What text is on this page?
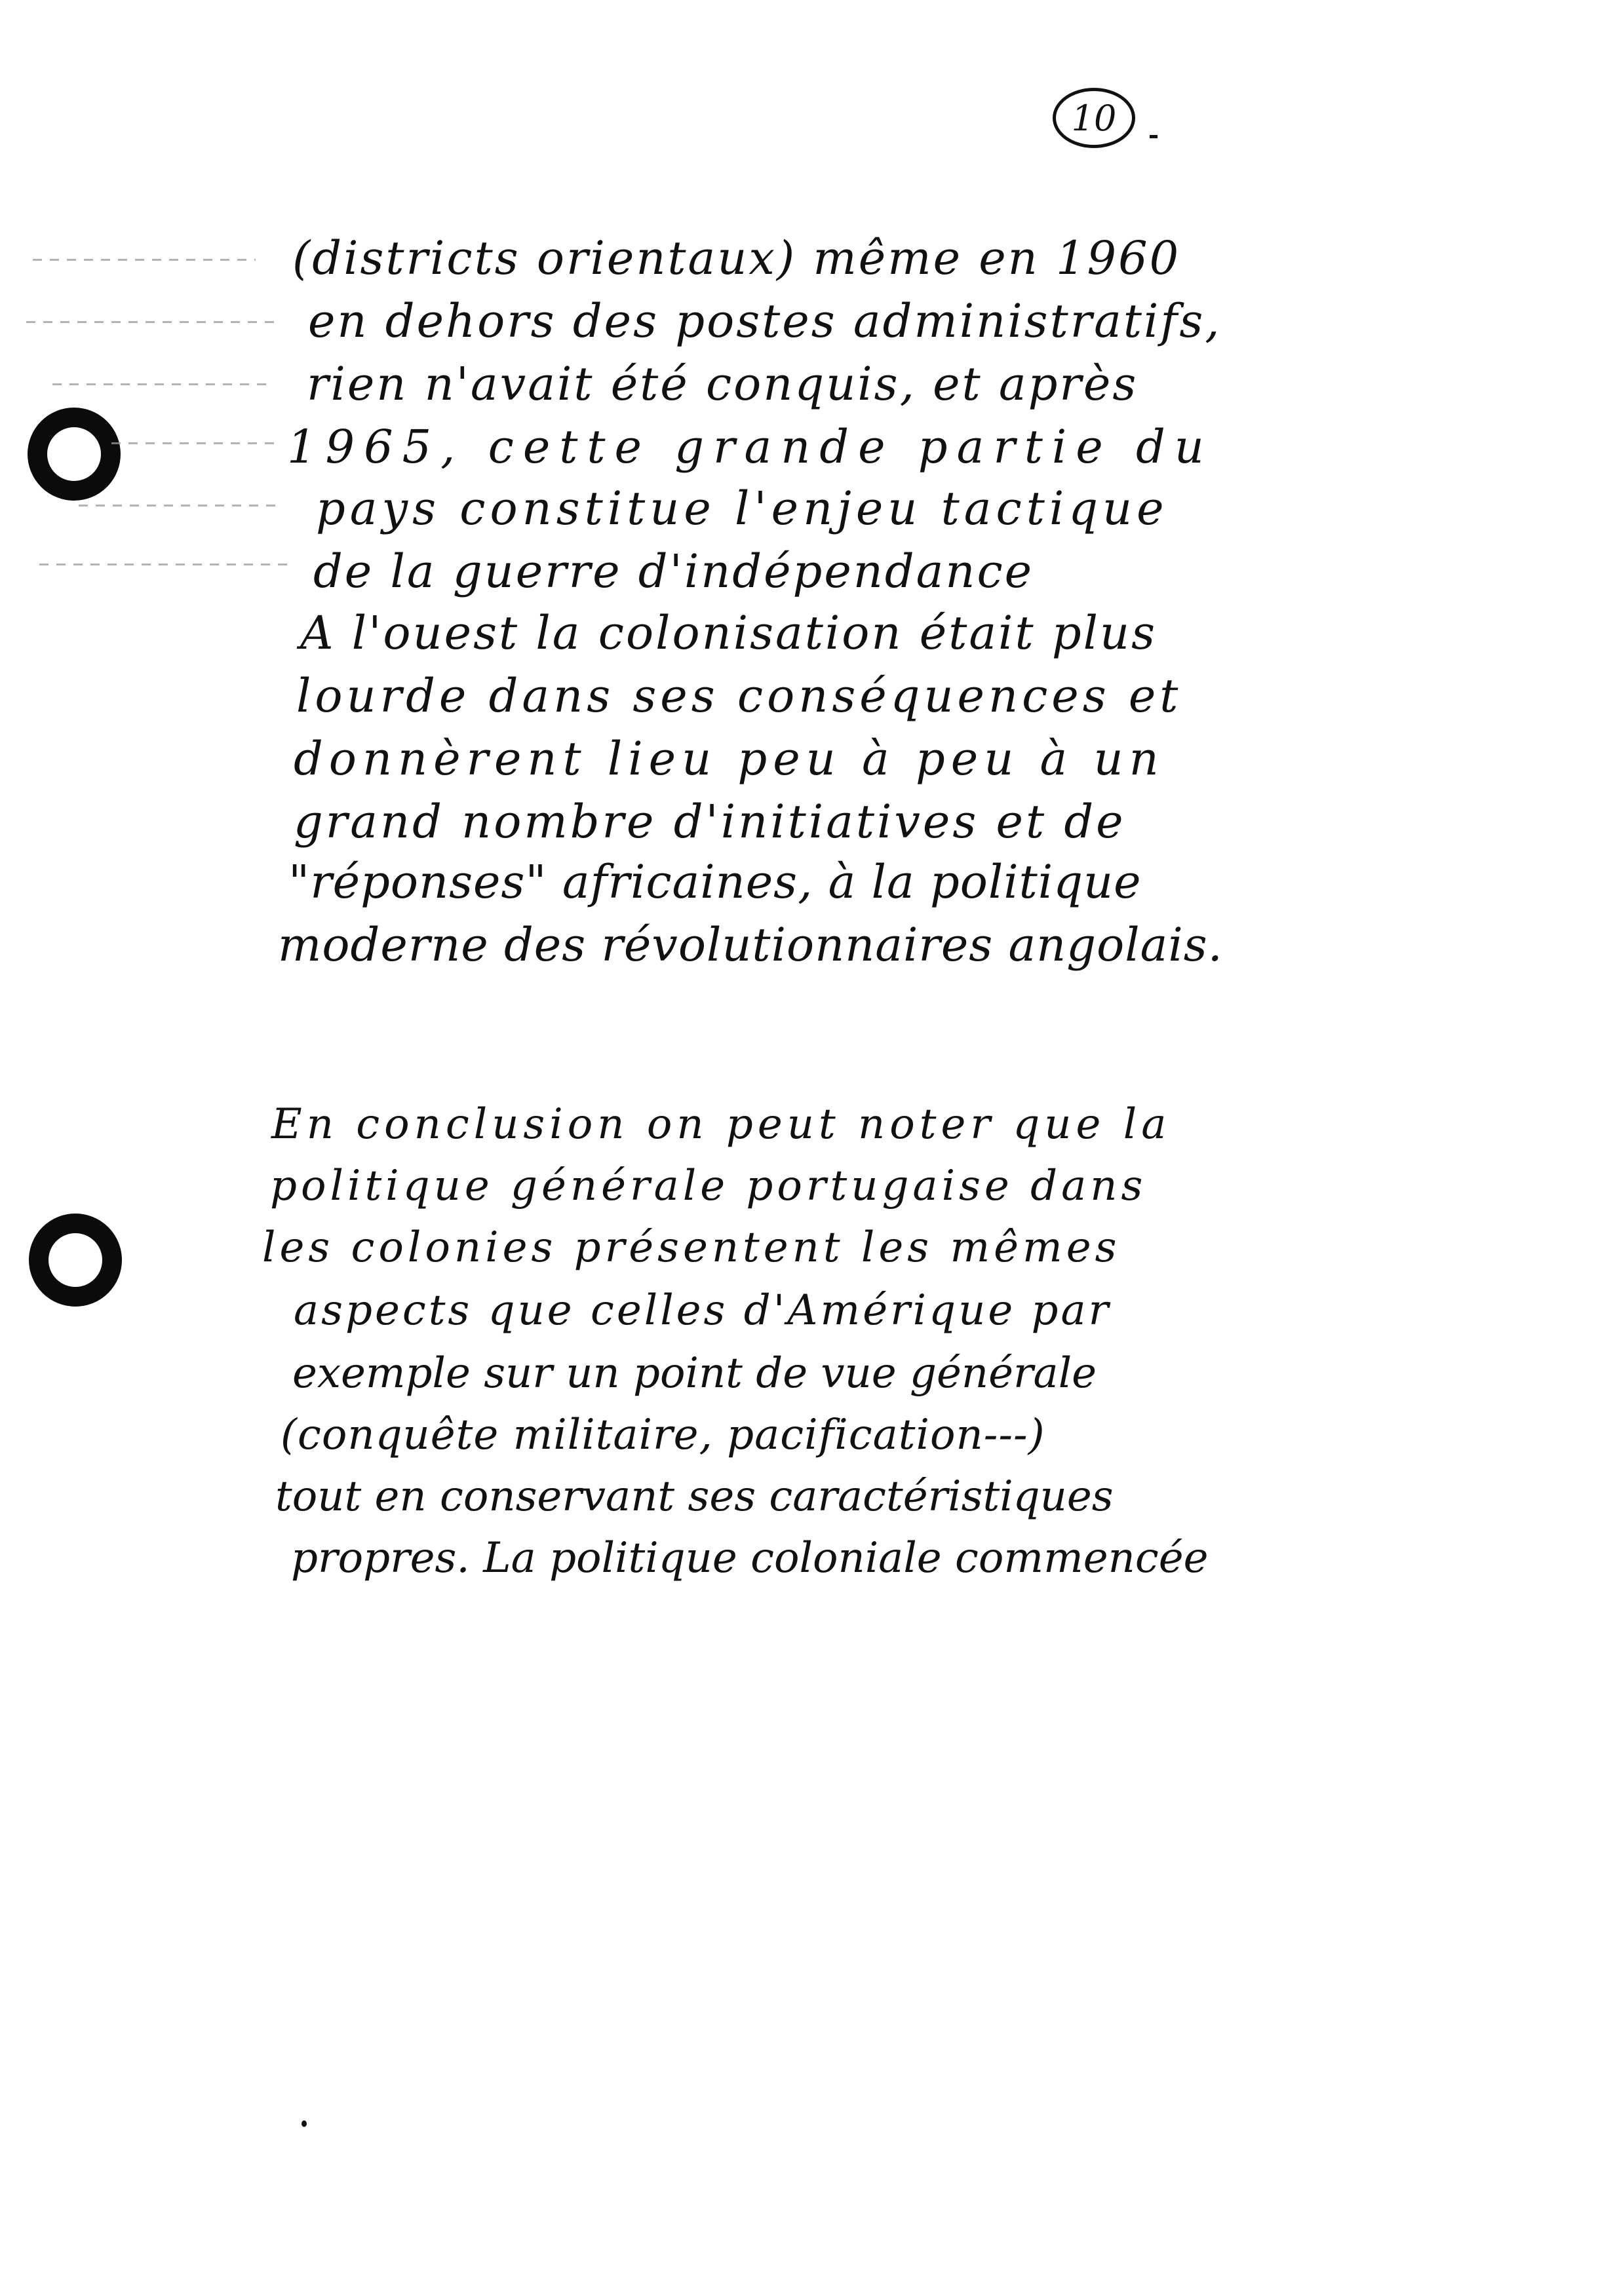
10
(districts orientaux) même en 1960
en dehors des postes administratifs,
rien n'avait été conquis, et après
1965, cette grande partie du
pays constitue l'enjeu tactique
de la guerre d'indépendance
A l'ouest la colonisation était plus
lourde dans ses conséquences et
donnèrent lieu peu à peu à un
grand nombre d'initiatives et de
"réponses" africaines, à la politique
moderne des révolutionnaires angolais.
En conclusion on peut noter que la
politique générale portugaise dans
les colonies présentent les mêmes
aspects que celles d'Amérique par
exemple sur un point de vue générale
(conquête militaire, pacification---)
tout en conservant ses caractéristiques
propres. La politique coloniale commencée
